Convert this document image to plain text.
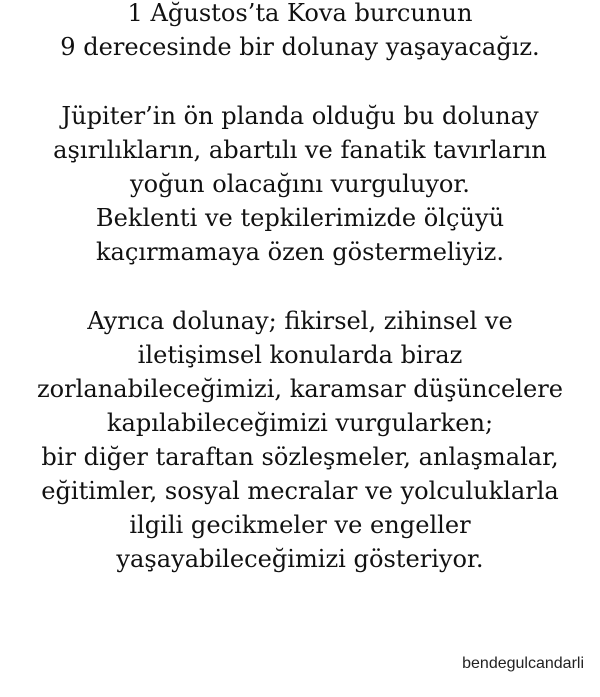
1 Ağustos’ta Kova burcunun
9 derecesinde bir dolunay yaşayacağız.
Jüpiter’in ön planda olduğu bu dolunay
aşırılıkların, abartılı ve fanatik tavırların
yoğun olacağını vurguluyor.
Beklenti ve tepkilerimizde ölçüyü
kaçırmamaya özen göstermeliyiz.
Ayrıca dolunay; fikirsel, zihinsel ve
iletişimsel konularda biraz
zorlanabileceğimizi, karamsar düşüncelere
kapılabileceğimizi vurgularken;
bir diğer taraftan sözleşmeler, anlaşmalar,
eğitimler, sosyal mecralar ve yolculuklarla
ilgili gecikmeler ve engeller
yaşayabileceğimizi gösteriyor.
bendegulcandarli
